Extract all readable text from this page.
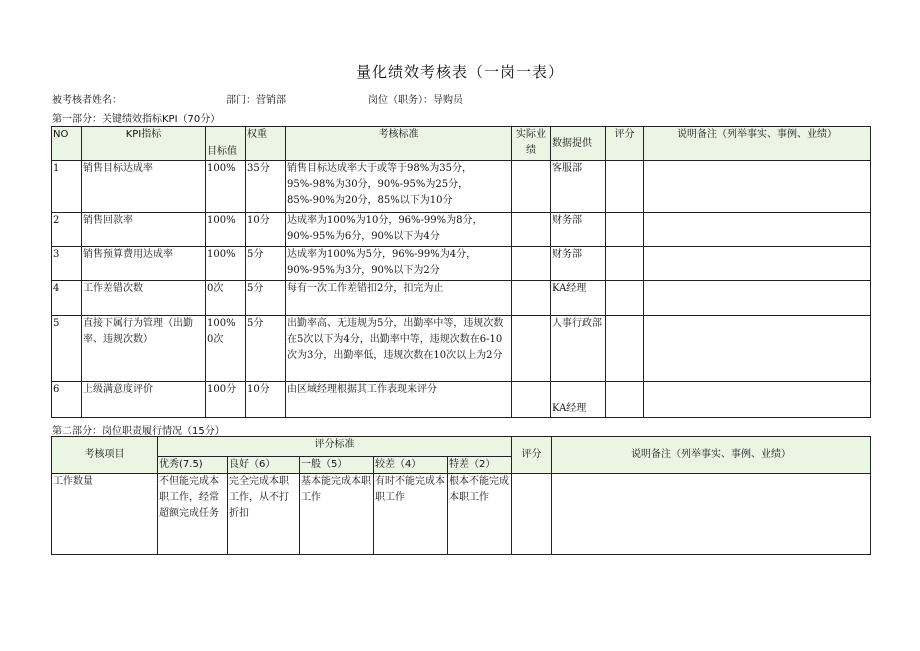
量化绩效考核表（一岗一表）
被考核者姓名：	部门：营销部	岗位（职务）：导购员
第一部分：关键绩效指标KPI（70分）
NO	KPI指标	目标值	权重	考核标准	实际业绩	数据提供	评分	说明备注（列举事实、事例、业绩）
1	销售目标达成率	100%	35分	销售目标达成率大于或等于98%为35分，95%-98%为30分，90%-95%为25分，85%-90%为20分，85%以下为10分		客服部		
2	销售回款率	100%	10分	达成率为100%为10分，96%-99%为8分，90%-95%为6分，90%以下为4分		财务部		
3	销售预算费用达成率	100%	5分	达成率为100%为5分，96%-99%为4分，90%-95%为3分，90%以下为2分		财务部		
4	工作差错次数	0次	5分	每有一次工作差错扣2分，扣完为止		KA经理		
5	直接下属行为管理（出勤率、违规次数）	100% 0次	5分	出勤率高、无违规为5分，出勤率中等，违规次数在5次以下为4分，出勤率中等，违规次数在6-10次为3分，出勤率低，违规次数在10次以上为2分		人事行政部		
6	上级满意度评价	100分	10分	由区域经理根据其工作表现来评分		KA经理		
第二部分：岗位职责履行情况（15分）
考核项目	评分标准					评分	说明备注（列举事实、事例、业绩）
	优秀(7.5)	良好（6）	一般（5）	较差（4）	特差（2）		
工作数量	不但能完成本职工作，经常超额完成任务	完全完成本职工作，从不打折扣	基本能完成本职工作	有时不能完成本职工作	根本不能完成本职工作		
